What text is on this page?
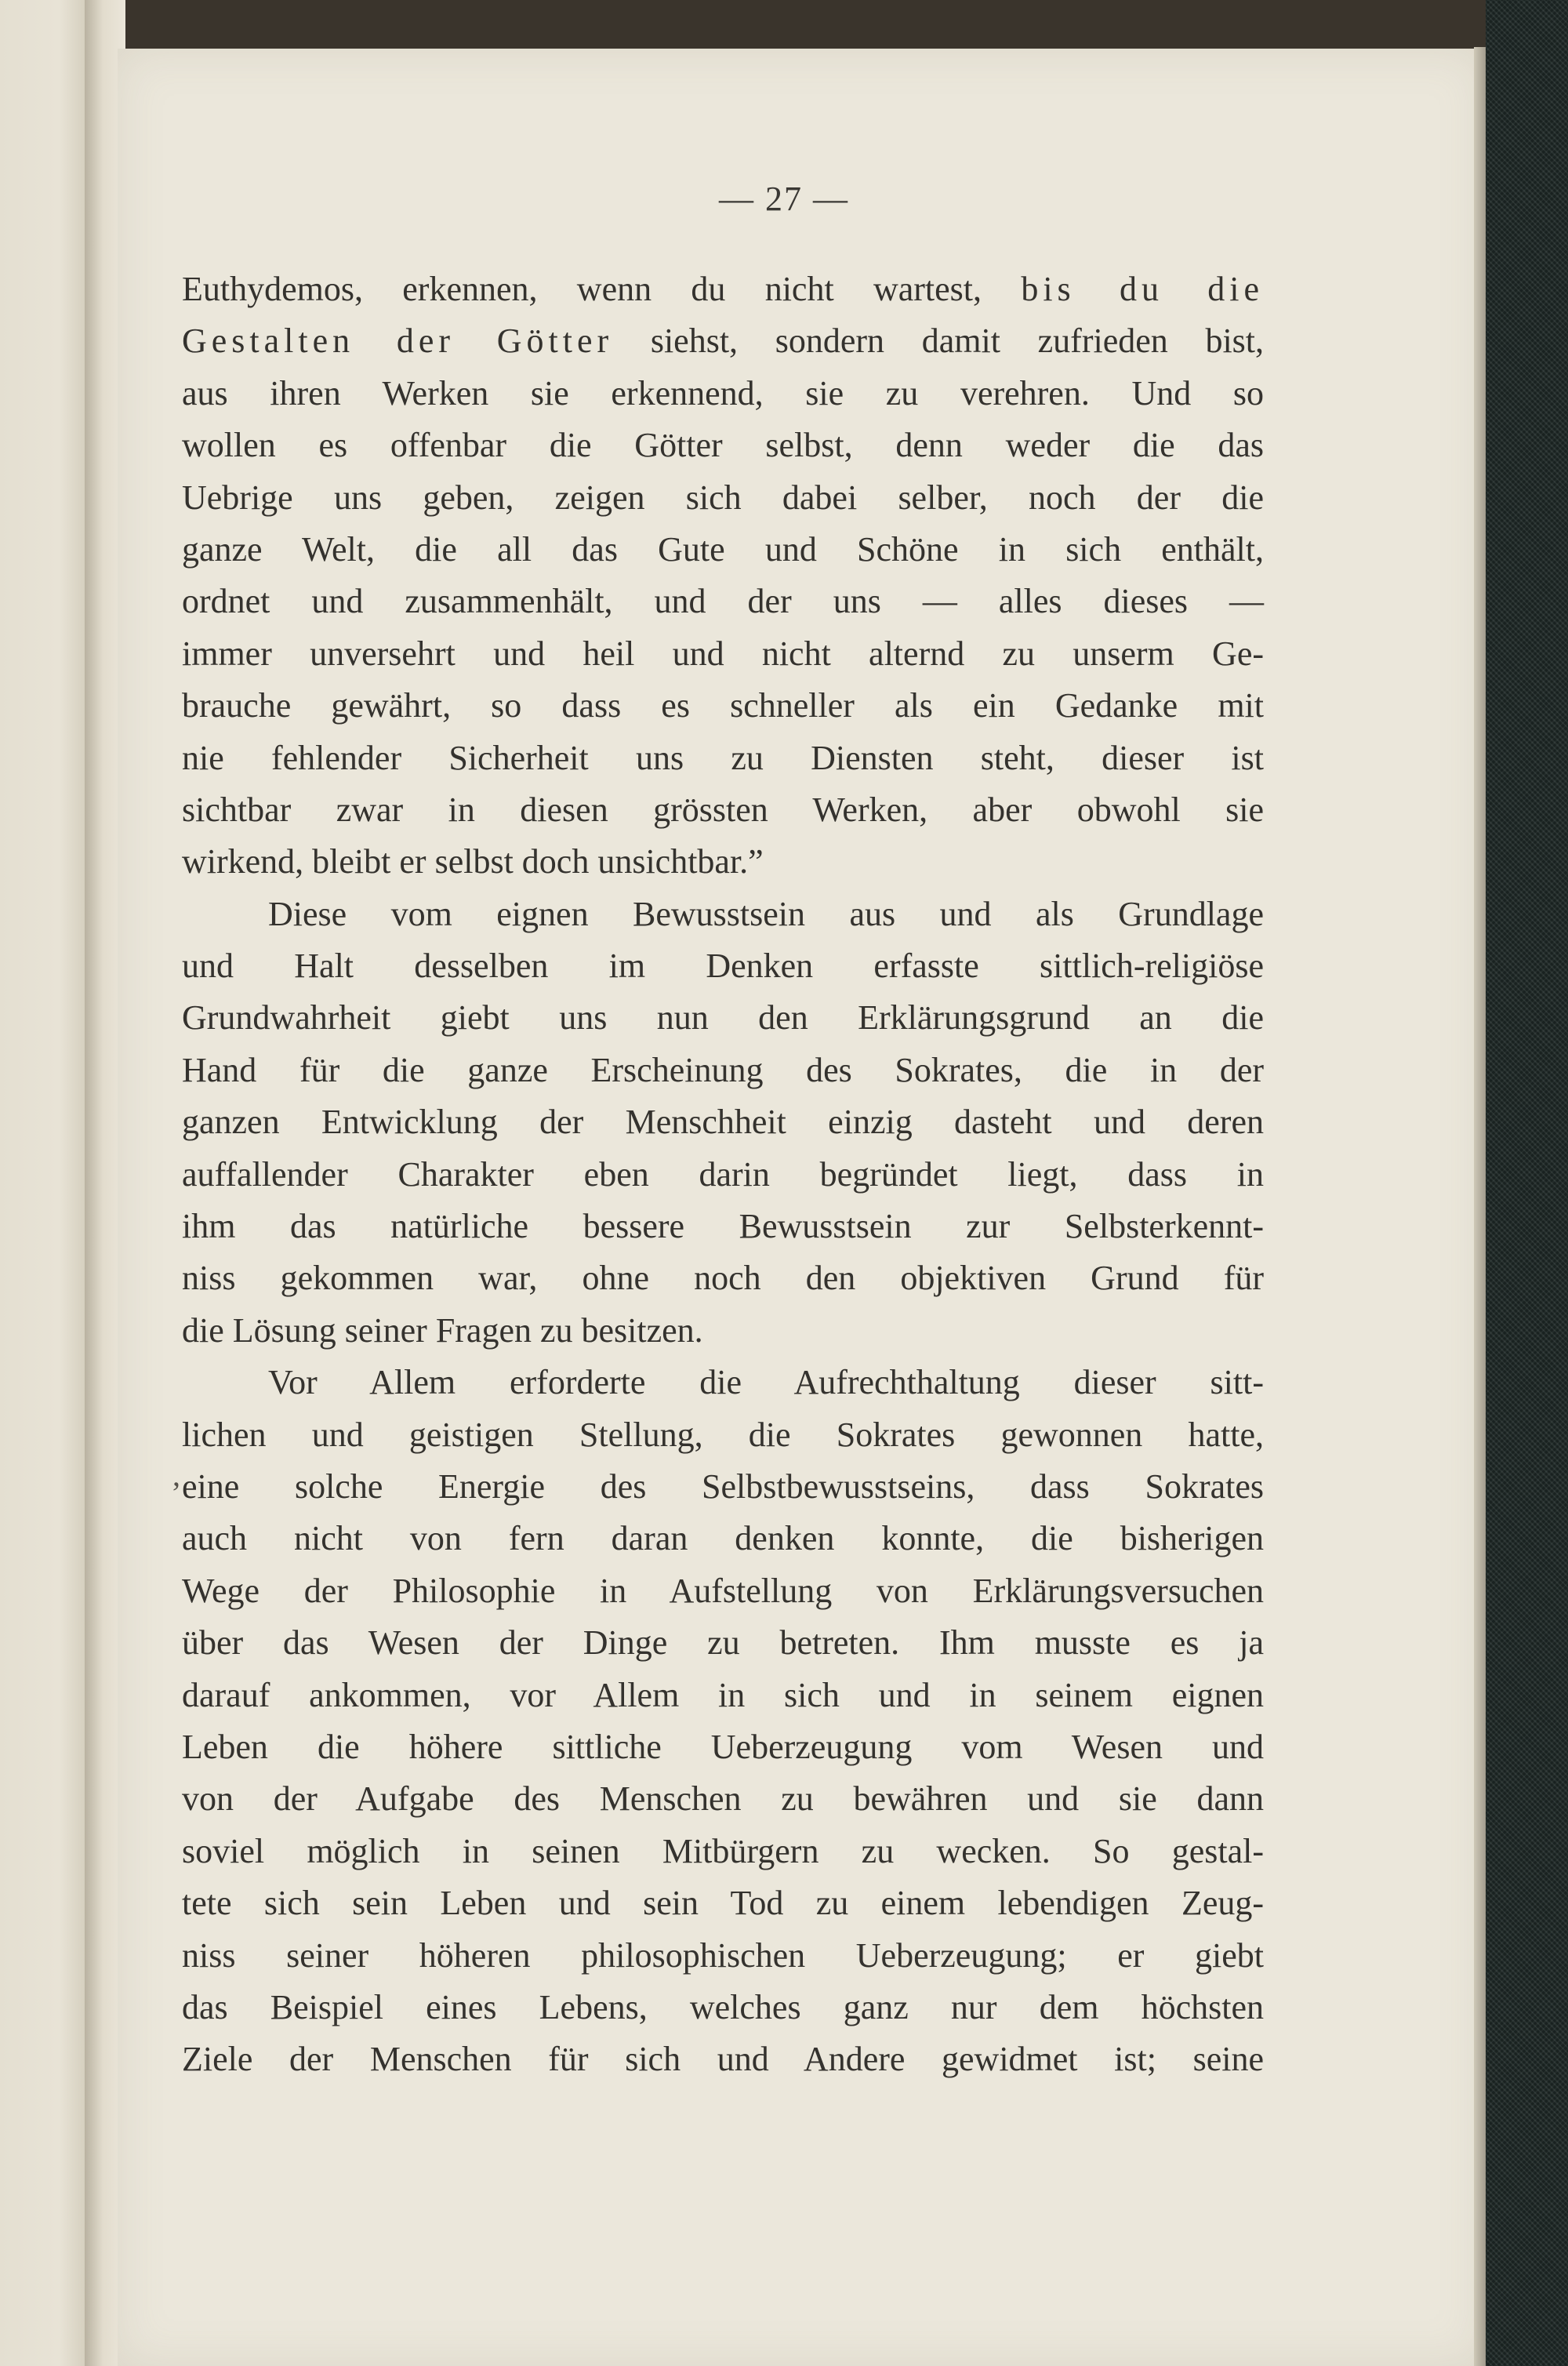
— 27 —
’
Euthydemos, erkennen, wenn du nicht wartest, bis du die
Gestalten der Götter siehst, sondern damit zufrieden bist,
aus ihren Werken sie erkennend, sie zu verehren. Und so
wollen es offenbar die Götter selbst, denn weder die das
Uebrige uns geben, zeigen sich dabei selber, noch der die
ganze Welt, die all das Gute und Schöne in sich enthält,
ordnet und zusammenhält, und der uns — alles dieses —
immer unversehrt und heil und nicht alternd zu unserm Ge-
brauche gewährt, so dass es schneller als ein Gedanke mit
nie fehlender Sicherheit uns zu Diensten steht, dieser ist
sichtbar zwar in diesen grössten Werken, aber obwohl sie
wirkend, bleibt er selbst doch unsichtbar.”
Diese vom eignen Bewusstsein aus und als Grundlage
und Halt desselben im Denken erfasste sittlich-religiöse
Grundwahrheit giebt uns nun den Erklärungsgrund an die
Hand für die ganze Erscheinung des Sokrates, die in der
ganzen Entwicklung der Menschheit einzig dasteht und deren
auffallender Charakter eben darin begründet liegt, dass in
ihm das natürliche bessere Bewusstsein zur Selbsterkennt-
niss gekommen war, ohne noch den objektiven Grund für
die Lösung seiner Fragen zu besitzen.
Vor Allem erforderte die Aufrechthaltung dieser sitt-
lichen und geistigen Stellung, die Sokrates gewonnen hatte,
eine solche Energie des Selbstbewusstseins, dass Sokrates
auch nicht von fern daran denken konnte, die bisherigen
Wege der Philosophie in Aufstellung von Erklärungsversuchen
über das Wesen der Dinge zu betreten. Ihm musste es ja
darauf ankommen, vor Allem in sich und in seinem eignen
Leben die höhere sittliche Ueberzeugung vom Wesen und
von der Aufgabe des Menschen zu bewähren und sie dann
soviel möglich in seinen Mitbürgern zu wecken. So gestal-
tete sich sein Leben und sein Tod zu einem lebendigen Zeug-
niss seiner höheren philosophischen Ueberzeugung; er giebt
das Beispiel eines Lebens, welches ganz nur dem höchsten
Ziele der Menschen für sich und Andere gewidmet ist; seine
